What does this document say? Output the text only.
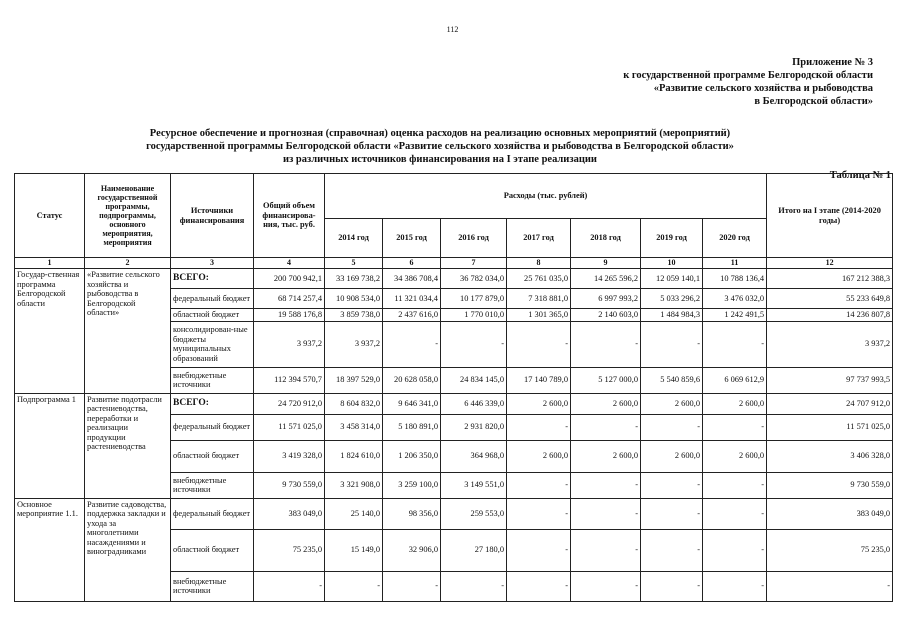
112
Приложение № 3
к государственной программе Белгородской области
«Развитие сельского хозяйства и рыбоводства
в Белгородской области»
Ресурсное обеспечение и прогнозная (справочная) оценка расходов на реализацию основных мероприятий (мероприятий)
государственной программы Белгородской области «Развитие сельского хозяйства и рыбоводства в Белгородской области»
из различных источников финансирования на I этапе реализации
Таблица № 1
Статус	Наименование государственной программы, подпрограммы, основного мероприятия, мероприятия	Источники финансирования	Общий объем финансирова-ния, тыс. руб.	Расходы (тыс. рублей)							Итого на I этапе (2014-2020 годы)
				2014 год	2015 год	2016 год	2017 год	2018 год	2019 год	2020 год	
1	2	3	4	5	6	7	8	9	10	11	12
Государ-ственная программа Белгородской области	«Развитие сельского хозяйства и рыбоводства в Белгородской области»	ВСЕГО:	200 700 942,1	33 169 738,2	34 386 708,4	36 782 034,0	25 761 035,0	14 265 596,2	12 059 140,1	10 788 136,4	167 212 388,3
		федеральный бюджет	68 714 257,4	10 908 534,0	11 321 034,4	10 177 879,0	7 318 881,0	6 997 993,2	5 033 296,2	3 476 032,0	55 233 649,8
		областной бюджет	19 588 176,8	3 859 738,0	2 437 616,0	1 770 010,0	1 301 365,0	2 140 603,0	1 484 984,3	1 242 491,5	14 236 807,8
		консолидирован-ные бюджеты муниципальных образований	3 937,2	3 937,2	-	-	-	-	-	-	3 937,2
		внебюджетные источники	112 394 570,7	18 397 529,0	20 628 058,0	24 834 145,0	17 140 789,0	5 127 000,0	5 540 859,6	6 069 612,9	97 737 993,5
Подпрограмма 1	Развитие подотрасли растениеводства, переработки и реализации продукции растениеводства	ВСЕГО:	24 720 912,0	8 604 832,0	9 646 341,0	6 446 339,0	2 600,0	2 600,0	2 600,0	2 600,0	24 707 912,0
		федеральный бюджет	11 571 025,0	3 458 314,0	5 180 891,0	2 931 820,0	-	-	-	-	11 571 025,0
		областной бюджет	3 419 328,0	1 824 610,0	1 206 350,0	364 968,0	2 600,0	2 600,0	2 600,0	2 600,0	3 406 328,0
		внебюджетные источники	9 730 559,0	3 321 908,0	3 259 100,0	3 149 551,0	-	-	-	-	9 730 559,0
Основное мероприятие 1.1.	Развитие садоводства, поддержка закладки и ухода за многолетними насаждениями и виноградниками	федеральный бюджет	383 049,0	25 140,0	98 356,0	259 553,0	-	-	-	-	383 049,0
		областной бюджет	75 235,0	15 149,0	32 906,0	27 180,0	-	-	-	-	75 235,0
		внебюджетные источники	-	-	-	-	-	-	-	-	-
